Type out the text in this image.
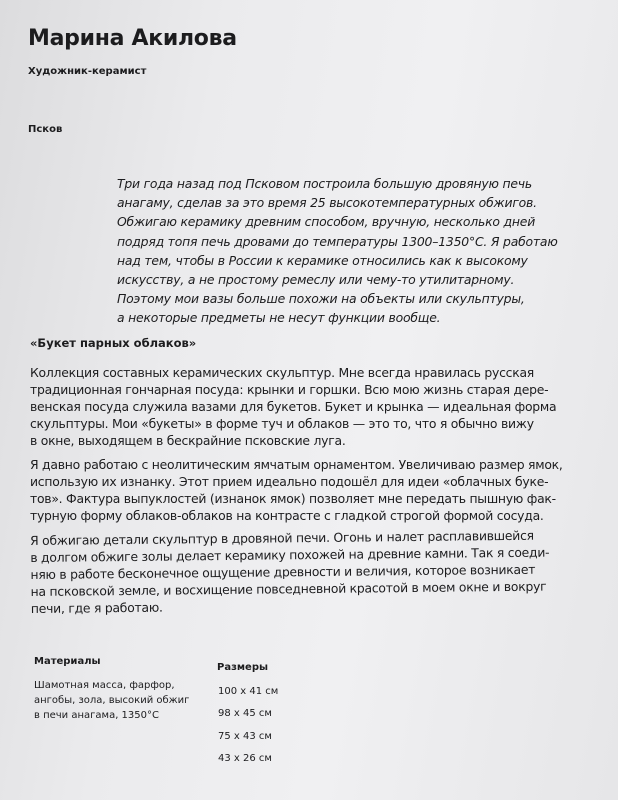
Марина Акилова
Художник-керамист
Псков
Три года назад под Псковом построила большую дровяную печь
анагаму, сделав за это время 25 высокотемпературных обжигов.
Обжигаю керамику древним способом, вручную, несколько дней
подряд топя печь дровами до температуры 1300–1350°С. Я работаю
над тем, чтобы в России к керамике относились как к высокому
искусству, а не простому ремеслу или чему-то утилитарному.
Поэтому мои вазы больше похожи на объекты или скульптуры,
а некоторые предметы не несут функции вообще.
«Букет парных облаков»
Коллекция составных керамических скульптур. Мне всегда нравилась русская
традиционная гончарная посуда: крынки и горшки. Всю мою жизнь старая дере-
венская посуда служила вазами для букетов. Букет и крынка — идеальная форма
скульптуры. Мои «букеты» в форме туч и облаков — это то, что я обычно вижу
в окне, выходящем в бескрайние псковские луга.
Я давно работаю с неолитическим ямчатым орнаментом. Увеличиваю размер ямок,
использую их изнанку. Этот прием идеально подошёл для идеи «облачных буке-
тов». Фактура выпуклостей (изнанок ямок) позволяет мне передать пышную фак-
турную форму облаков-облаков на контрасте с гладкой строгой формой сосуда.
Я обжигаю детали скульптур в дровяной печи. Огонь и налет расплавившейся
в долгом обжиге золы делает керамику похожей на древние камни. Так я соеди-
няю в работе бесконечное ощущение древности и величия, которое возникает
на псковской земле, и восхищение повседневной красотой в моем окне и вокруг
печи, где я работаю.
Материалы
Шамотная масса, фарфор,
ангобы, зола, высокий обжиг
в печи анагама, 1350°С
Размеры
100 x 41 см
98 x 45 см
75 x 43 см
43 x 26 см
